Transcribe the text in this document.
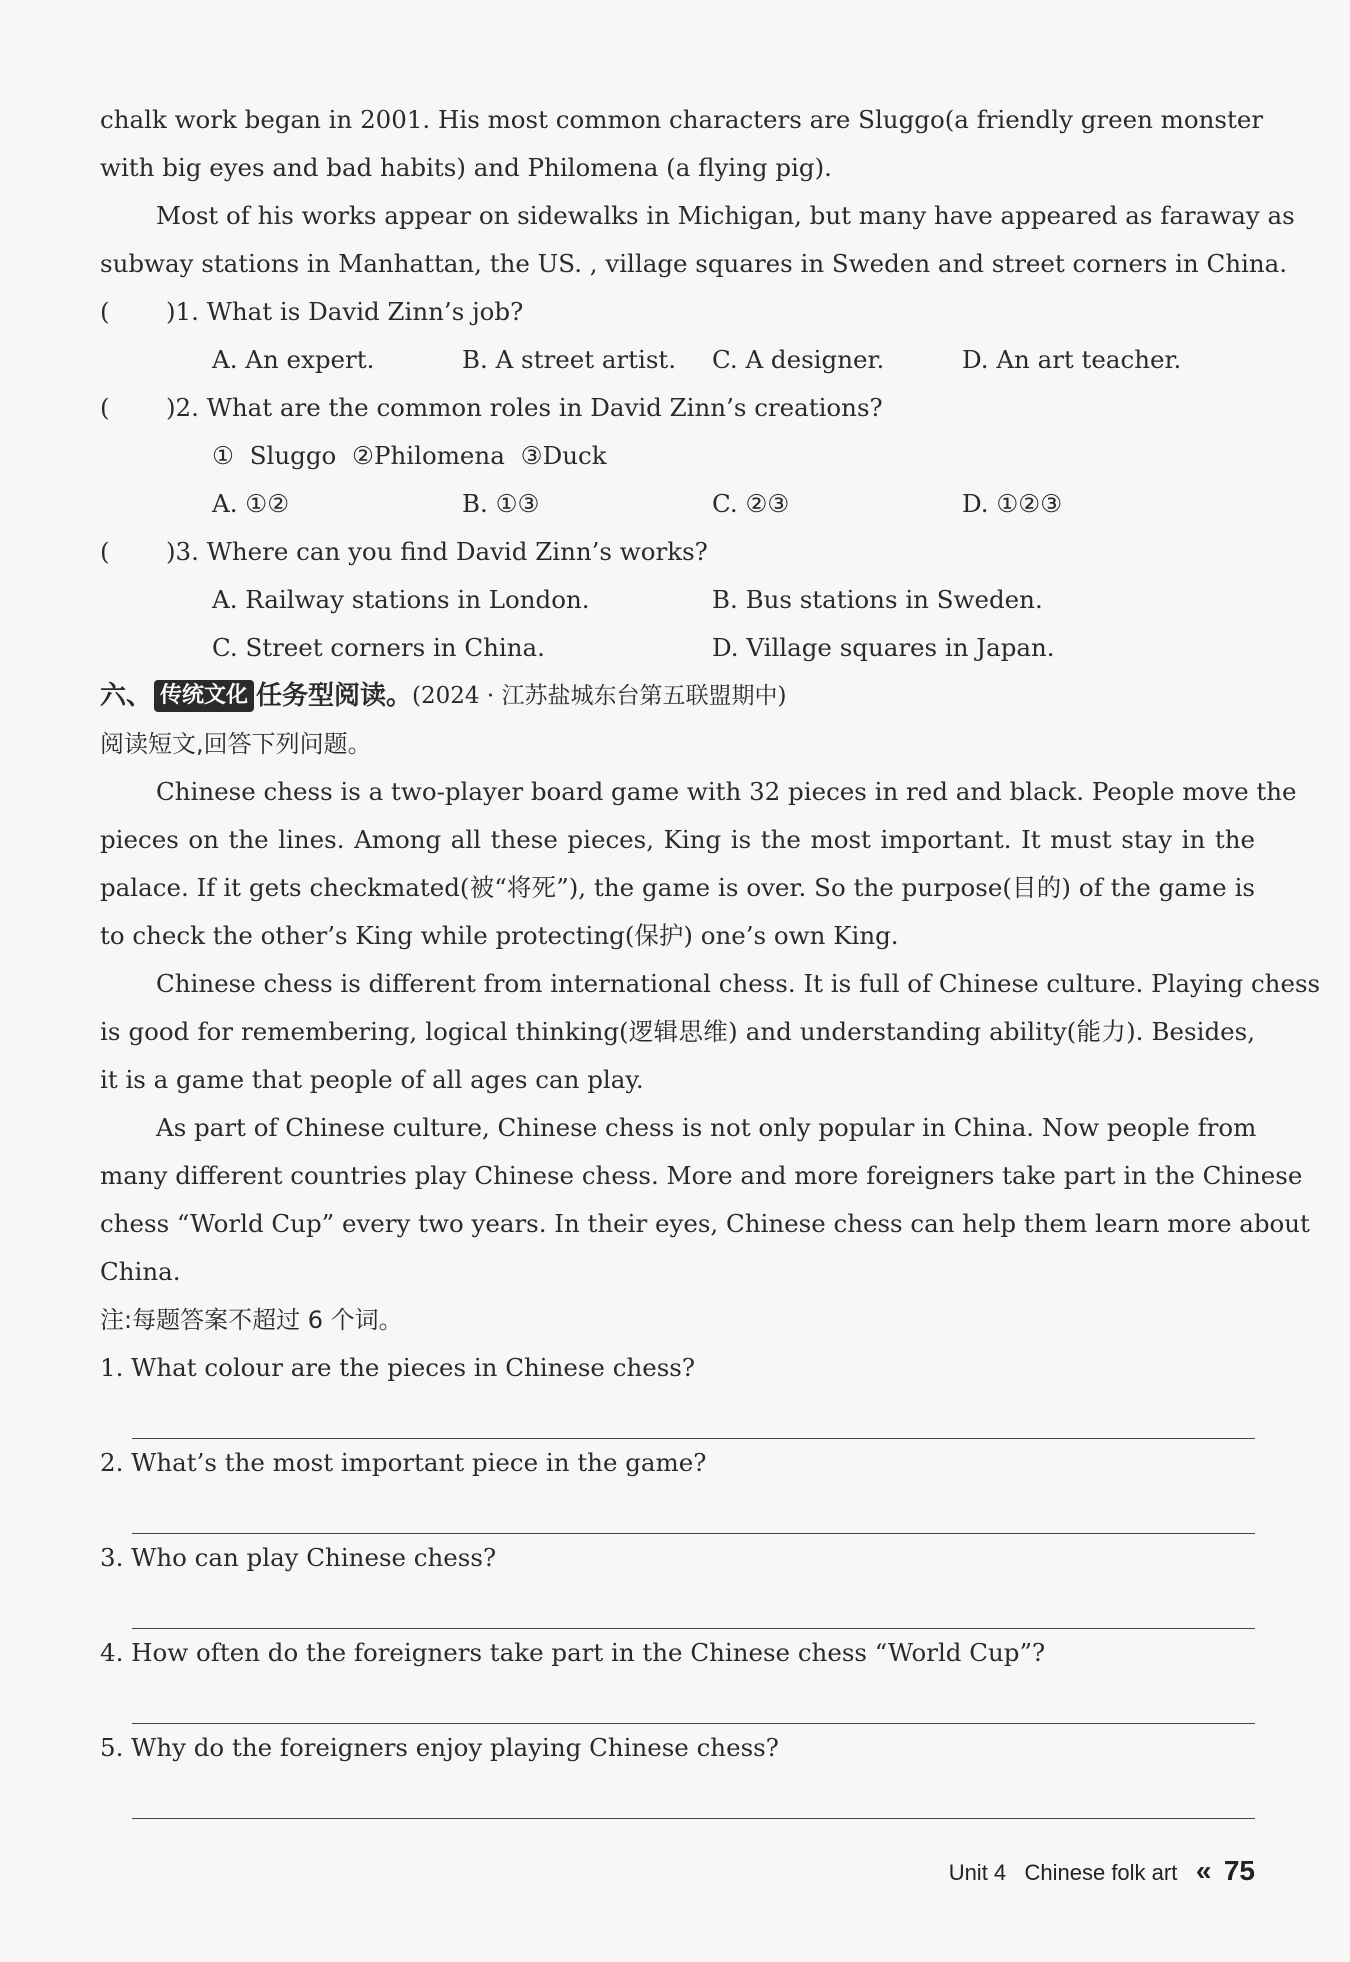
chalk work began in 2001. His most common characters are Sluggo(a friendly green monster
with big eyes and bad habits) and Philomena (a flying pig).
Most of his works appear on sidewalks in Michigan, but many have appeared as faraway as
subway stations in Manhattan, the US. , village squares in Sweden and street corners in China.
( )1. What is David Zinn’s job?
A. An expert.	B. A street artist.	C. A designer.	D. An art teacher.
( )2. What are the common roles in David Zinn’s creations?
① Sluggo ②Philomena ③Duck
A. ①②	B. ①③	C. ②③	D. ①②③
( )3. Where can you find David Zinn’s works?
A. Railway stations in London.	B. Bus stations in Sweden.
C. Street corners in China.	D. Village squares in Japan.
六、 传统文化 任务型阅读。 (2024 · 江苏盐城东台第五联盟期中)
阅读短文,回答下列问题。
Chinese chess is a two-player board game with 32 pieces in red and black. People move the
pieces on the lines. Among all these pieces, King is the most important. It must stay in the
palace. If it gets checkmated(被“将死”), the game is over. So the purpose(目的) of the game is
to check the other’s King while protecting(保护) one’s own King.
Chinese chess is different from international chess. It is full of Chinese culture. Playing chess
is good for remembering, logical thinking(逻辑思维) and understanding ability(能力). Besides,
it is a game that people of all ages can play.
As part of Chinese culture, Chinese chess is not only popular in China. Now people from
many different countries play Chinese chess. More and more foreigners take part in the Chinese
chess “World Cup” every two years. In their eyes, Chinese chess can help them learn more about
China.
注:每题答案不超过 6 个词。
1. What colour are the pieces in Chinese chess?
2. What’s the most important piece in the game?
3. Who can play Chinese chess?
4. How often do the foreigners take part in the Chinese chess “World Cup”?
5. Why do the foreigners enjoy playing Chinese chess?
Unit 4   Chinese folk art « 75
